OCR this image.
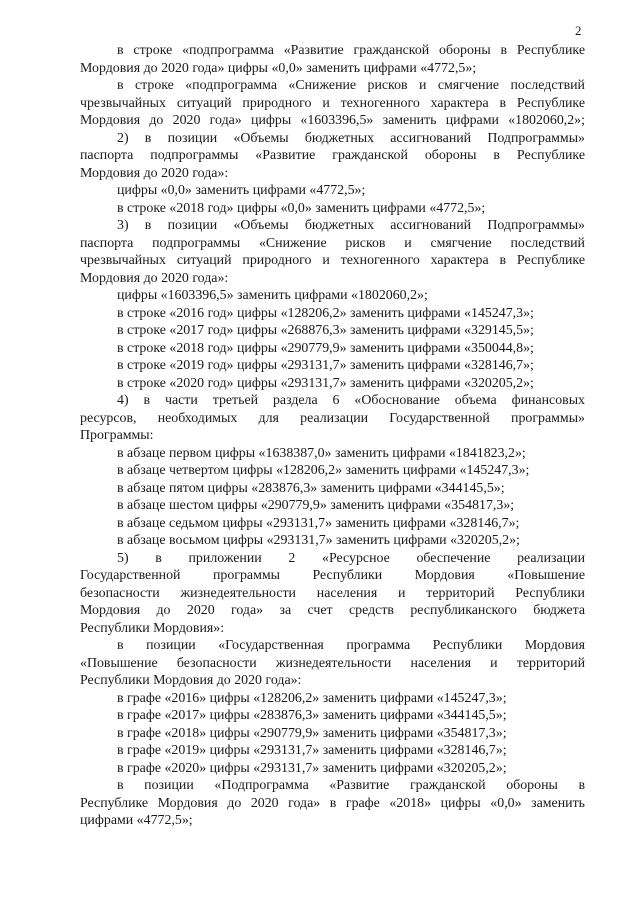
2
в строке «подпрограмма «Развитие гражданской обороны в Республике
Мордовия до 2020 года» цифры «0,0» заменить цифрами «4772,5»;
в строке «подпрограмма «Снижение рисков и смягчение последствий
чрезвычайных ситуаций природного и техногенного характера в Республике
Мордовия до 2020 года» цифры «1603396,5» заменить цифрами «1802060,2»;
2) в позиции «Объемы бюджетных ассигнований Подпрограммы»
паспорта подпрограммы «Развитие гражданской обороны в Республике
Мордовия до 2020 года»:
цифры «0,0» заменить цифрами «4772,5»;
в строке «2018 год» цифры «0,0» заменить цифрами «4772,5»;
3) в позиции «Объемы бюджетных ассигнований Подпрограммы»
паспорта подпрограммы «Снижение рисков и смягчение последствий
чрезвычайных ситуаций природного и техногенного характера в Республике
Мордовия до 2020 года»:
цифры «1603396,5» заменить цифрами «1802060,2»;
в строке «2016 год» цифры «128206,2» заменить цифрами «145247,3»;
в строке «2017 год» цифры «268876,3» заменить цифрами «329145,5»;
в строке «2018 год» цифры «290779,9» заменить цифрами «350044,8»;
в строке «2019 год» цифры «293131,7» заменить цифрами «328146,7»;
в строке «2020 год» цифры «293131,7» заменить цифрами «320205,2»;
4) в части третьей раздела 6 «Обоснование объема финансовых
ресурсов, необходимых для реализации Государственной программы»
Программы:
в абзаце первом цифры «1638387,0» заменить цифрами «1841823,2»;
в абзаце четвертом цифры «128206,2» заменить цифрами «145247,3»;
в абзаце пятом цифры «283876,3» заменить цифрами «344145,5»;
в абзаце шестом цифры «290779,9» заменить цифрами «354817,3»;
в абзаце седьмом цифры «293131,7» заменить цифрами «328146,7»;
в абзаце восьмом цифры «293131,7» заменить цифрами «320205,2»;
5) в приложении 2 «Ресурсное обеспечение реализации
Государственной программы Республики Мордовия «Повышение
безопасности жизнедеятельности населения и территорий Республики
Мордовия до 2020 года» за счет средств республиканского бюджета
Республики Мордовия»:
в позиции «Государственная программа Республики Мордовия
«Повышение безопасности жизнедеятельности населения и территорий
Республики Мордовия до 2020 года»:
в графе «2016» цифры «128206,2» заменить цифрами «145247,3»;
в графе «2017» цифры «283876,3» заменить цифрами «344145,5»;
в графе «2018» цифры «290779,9» заменить цифрами «354817,3»;
в графе «2019» цифры «293131,7» заменить цифрами «328146,7»;
в графе «2020» цифры «293131,7» заменить цифрами «320205,2»;
в позиции «Подпрограмма «Развитие гражданской обороны в
Республике Мордовия до 2020 года» в графе «2018» цифры «0,0» заменить
цифрами «4772,5»;
